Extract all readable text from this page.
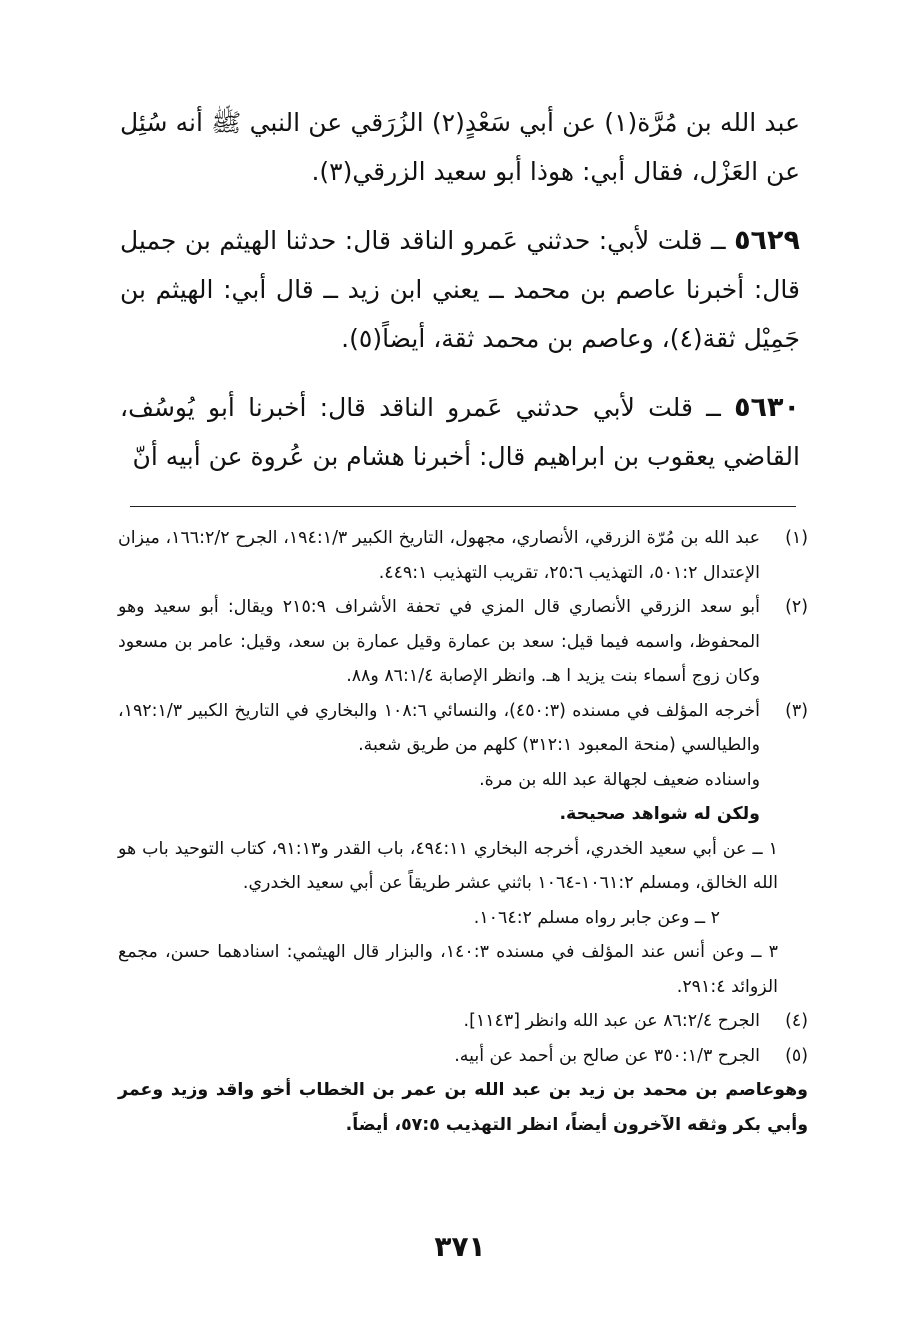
عبد الله بن مُرَّة(١) عن أبي سَعْدٍ(٢) الزُرَقي عن النبي ﷺ أنه سُئِل عن العَزْل، فقال أبي: هوذا أبو سعيد الزرقي(٣).

٥٦٢٩ ــ قلت لأبي: حدثني عَمرو الناقد قال: حدثنا الهيثم بن جميل قال: أخبرنا عاصم بن محمد ــ يعني ابن زيد ــ قال أبي: الهيثم بن جَمِيْل ثقة(٤)، وعاصم بن محمد ثقة، أيضاً(٥).

٥٦٣٠ ــ قلت لأبي حدثني عَمرو الناقد قال: أخبرنا أبو يُوسُف، القاضي يعقوب بن ابراهيم قال: أخبرنا هشام بن عُروة عن أبيه أنّ

(١)
عبد الله بن مُرّة الزرقي، الأنصاري، مجهول، التاريخ الكبير ١٩٤:١/٣، الجرح ١٦٦:٢/٢، ميزان الإعتدال ٥٠١:٢، التهذيب ٢٥:٦، تقريب التهذيب ٤٤٩:١.
(٢)
أبو سعد الزرقي الأنصاري قال المزي في تحفة الأشراف ٢١٥:٩ ويقال: أبو سعيد وهو المحفوظ، واسمه فيما قيل: سعد بن عمارة وقيل عمارة بن سعد، وقيل: عامر بن مسعود وكان زوج أسماء بنت يزيد ا هـ. وانظر الإصابة ٨٦:١/٤ و٨٨.
(٣)
أخرجه المؤلف في مسنده (٤٥٠:٣)، والنسائي ١٠٨:٦ والبخاري في التاريخ الكبير ١٩٢:١/٣، والطيالسي (منحة المعبود ٣١٢:١) كلهم من طريق شعبة.
واسناده ضعيف لجهالة عبد الله بن مرة.
ولكن له شواهد صحيحة.
١ ــ عن أبي سعيد الخدري، أخرجه البخاري ٤٩٤:١١، باب القدر و٩١:١٣، كتاب التوحيد باب هو الله الخالق، ومسلم ١٠٦١:٢-١٠٦٤ باثني عشر طريقاً عن أبي سعيد الخدري.
٢ ــ وعن جابر رواه مسلم ١٠٦٤:٢.
٣ ــ وعن أنس عند المؤلف في مسنده ١٤٠:٣، والبزار قال الهيثمي: اسنادهما حسن، مجمع الزوائد ٢٩١:٤.
(٤)
الجرح ٨٦:٢/٤ عن عبد الله وانظر [١١٤٣].
(٥)
الجرح ٣٥٠:١/٣ عن صالح بن أحمد عن أبيه.
وهوعاصم بن محمد بن زيد بن عبد الله بن عمر بن الخطاب أخو واقد وزيد وعمر وأبي بكر وثقه الآخرون أيضاً، انظر التهذيب ٥٧:٥، أيضاً.
٣٧١
